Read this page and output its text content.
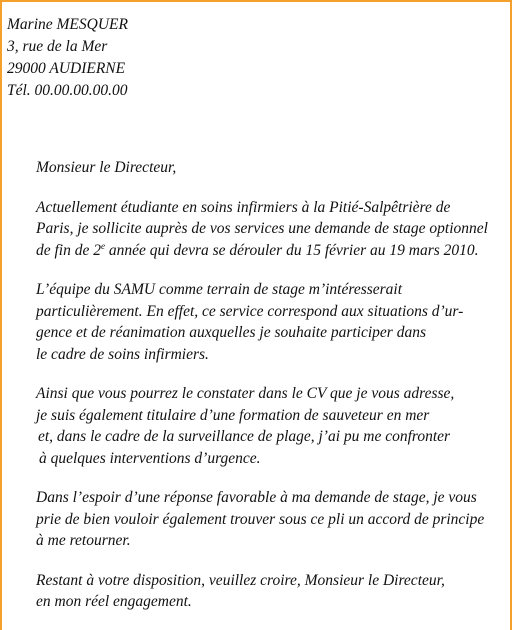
Marine MESQUER
3, rue de la Mer
29000 AUDIERNE
Tél. 00.00.00.00.00
Monsieur le Directeur,
Actuellement étudiante en soins infirmiers à la Pitié-Salpêtrière de
Paris, je sollicite auprès de vos services une demande de stage optionnel
de fin de 2e année qui devra se dérouler du 15 février au 19 mars 2010.
L’équipe du SAMU comme terrain de stage m’intéresserait
particulièrement. En effet, ce service correspond aux situations d’ur-
gence et de réanimation auxquelles je souhaite participer dans
le cadre de soins infirmiers.
Ainsi que vous pourrez le constater dans le CV que je vous adresse,
je suis également titulaire d’une formation de sauveteur en mer
et, dans le cadre de la surveillance de plage, j’ai pu me confronter
à quelques interventions d’urgence.
Dans l’espoir d’une réponse favorable à ma demande de stage, je vous
prie de bien vouloir également trouver sous ce pli un accord de principe
à me retourner.
Restant à votre disposition, veuillez croire, Monsieur le Directeur,
en mon réel engagement.
